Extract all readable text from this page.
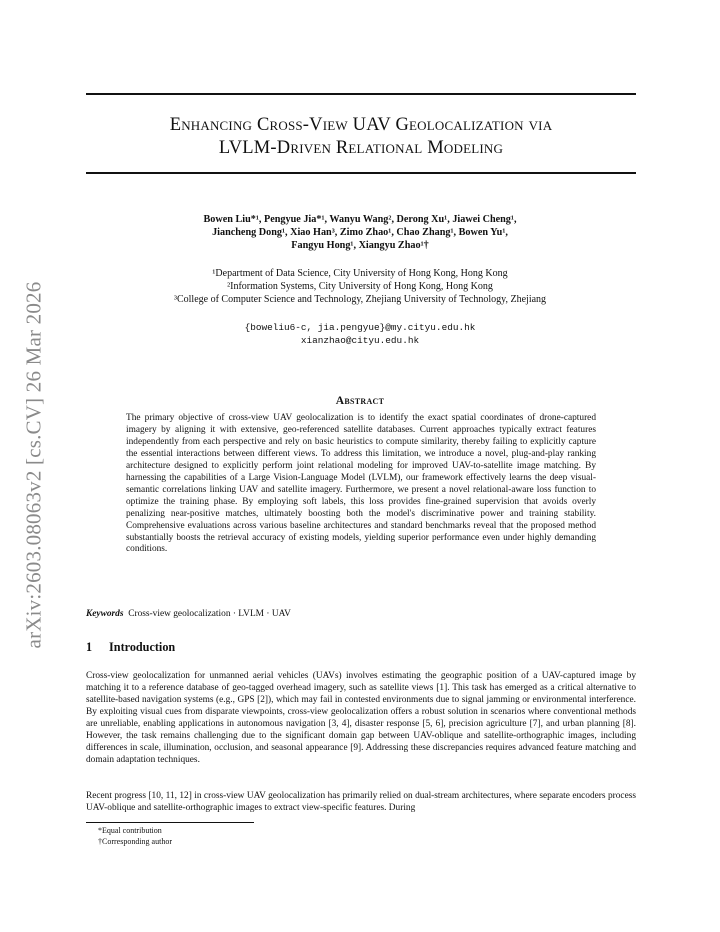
arXiv:2603.08063v2 [cs.CV] 26 Mar 2026
Enhancing Cross-View UAV Geolocalization via
LVLM-Driven Relational Modeling
Bowen Liu*¹, Pengyue Jia*¹, Wanyu Wang², Derong Xu¹, Jiawei Cheng¹,
Jiancheng Dong¹, Xiao Han³, Zimo Zhao¹, Chao Zhang¹, Bowen Yu¹,
Fangyu Hong¹, Xiangyu Zhao¹†
¹Department of Data Science, City University of Hong Kong, Hong Kong
²Information Systems, City University of Hong Kong, Hong Kong
³College of Computer Science and Technology, Zhejiang University of Technology, Zhejiang
{boweliu6-c, jia.pengyue}@my.cityu.edu.hk
xianzhao@cityu.edu.hk
Abstract
The primary objective of cross-view UAV geolocalization is to identify the exact spatial coordinates of drone-captured imagery by aligning it with extensive, geo-referenced satellite databases. Current approaches typically extract features independently from each perspective and rely on basic heuristics to compute similarity, thereby failing to explicitly capture the essential interactions between different views. To address this limitation, we introduce a novel, plug-and-play ranking architecture designed to explicitly perform joint relational modeling for improved UAV-to-satellite image matching. By harnessing the capabilities of a Large Vision-Language Model (LVLM), our framework effectively learns the deep visual-semantic correlations linking UAV and satellite imagery. Furthermore, we present a novel relational-aware loss function to optimize the training phase. By employing soft labels, this loss provides fine-grained supervision that avoids overly penalizing near-positive matches, ultimately boosting both the model's discriminative power and training stability. Comprehensive evaluations across various baseline architectures and standard benchmarks reveal that the proposed method substantially boosts the retrieval accuracy of existing models, yielding superior performance even under highly demanding conditions.
Keywords Cross-view geolocalization · LVLM · UAV
1 Introduction
Cross-view geolocalization for unmanned aerial vehicles (UAVs) involves estimating the geographic position of a UAV-captured image by matching it to a reference database of geo-tagged overhead imagery, such as satellite views [1]. This task has emerged as a critical alternative to satellite-based navigation systems (e.g., GPS [2]), which may fail in contested environments due to signal jamming or environmental interference. By exploiting visual cues from disparate viewpoints, cross-view geolocalization offers a robust solution in scenarios where conventional methods are unreliable, enabling applications in autonomous navigation [3, 4], disaster response [5, 6], precision agriculture [7], and urban planning [8]. However, the task remains challenging due to the significant domain gap between UAV-oblique and satellite-orthographic images, including differences in scale, illumination, occlusion, and seasonal appearance [9]. Addressing these discrepancies requires advanced feature matching and domain adaptation techniques.
Recent progress [10, 11, 12] in cross-view UAV geolocalization has primarily relied on dual-stream architectures, where separate encoders process UAV-oblique and satellite-orthographic images to extract view-specific features. During
*Equal contribution
†Corresponding author
